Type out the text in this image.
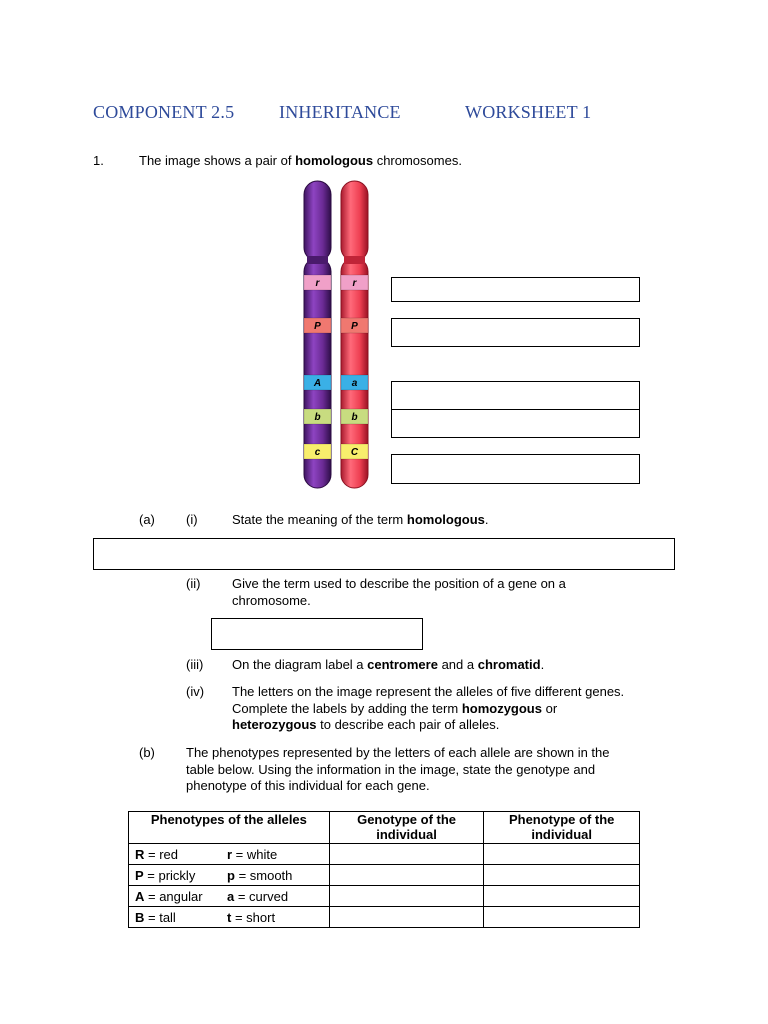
COMPONENT 2.5 INHERITANCE	WORKSHEET 1
1.	The image shows a pair of homologous chromosomes.
r	r
P	P
A	a
b	b
c	C
(a) (i)	State the meaning of the term homologous.
(ii) Give the term used to describe the position of a gene on a
chromosome.
(iii) On the diagram label a centromere and a chromatid.
(iv) The letters on the image represent the alleles of five different genes.
Complete the labels by adding the term homozygous or
heterozygous to describe each pair of alleles.
(b) The phenotypes represented by the letters of each allele are shown in the
table below. Using the information in the image, state the genotype and
phenotype of this individual for each gene.
Phenotypes of the alleles	Genotype of the individual	Phenotype of the individual

R = red r = white		

P = prickly p = smooth		

A = angular a = curved		

B = tall t = short		
